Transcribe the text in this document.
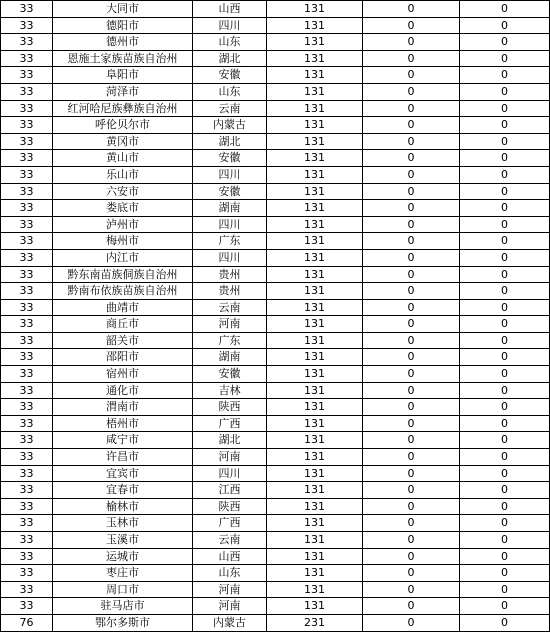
33	大同市	山西	131	0	0
33	德阳市	四川	131	0	0
33	德州市	山东	131	0	0
33	恩施土家族苗族自治州	湖北	131	0	0
33	阜阳市	安徽	131	0	0
33	菏泽市	山东	131	0	0
33	红河哈尼族彝族自治州	云南	131	0	0
33	呼伦贝尔市	内蒙古	131	0	0
33	黄冈市	湖北	131	0	0
33	黄山市	安徽	131	0	0
33	乐山市	四川	131	0	0
33	六安市	安徽	131	0	0
33	娄底市	湖南	131	0	0
33	泸州市	四川	131	0	0
33	梅州市	广东	131	0	0
33	内江市	四川	131	0	0
33	黔东南苗族侗族自治州	贵州	131	0	0
33	黔南布依族苗族自治州	贵州	131	0	0
33	曲靖市	云南	131	0	0
33	商丘市	河南	131	0	0
33	韶关市	广东	131	0	0
33	邵阳市	湖南	131	0	0
33	宿州市	安徽	131	0	0
33	通化市	吉林	131	0	0
33	渭南市	陕西	131	0	0
33	梧州市	广西	131	0	0
33	咸宁市	湖北	131	0	0
33	许昌市	河南	131	0	0
33	宜宾市	四川	131	0	0
33	宜春市	江西	131	0	0
33	榆林市	陕西	131	0	0
33	玉林市	广西	131	0	0
33	玉溪市	云南	131	0	0
33	运城市	山西	131	0	0
33	枣庄市	山东	131	0	0
33	周口市	河南	131	0	0
33	驻马店市	河南	131	0	0
76	鄂尔多斯市	内蒙古	231	0	0
